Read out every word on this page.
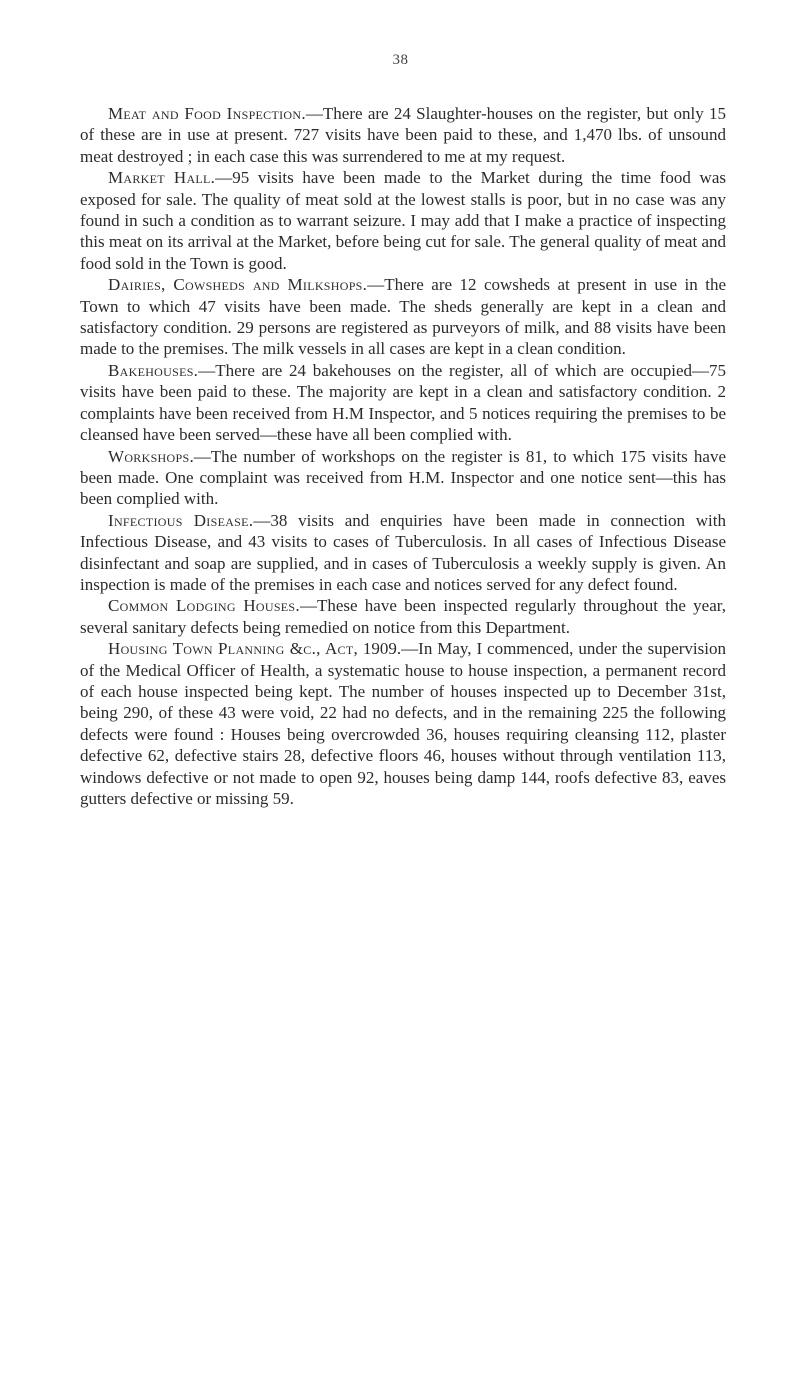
38

Meat and Food Inspection.—There are 24 Slaughter-houses on the register, but only 15 of these are in use at present. 727 visits have been paid to these, and 1,470 lbs. of unsound meat destroyed ; in each case this was surrendered to me at my request.

Market Hall.—95 visits have been made to the Market during the time food was exposed for sale. The quality of meat sold at the lowest stalls is poor, but in no case was any found in such a condition as to warrant seizure. I may add that I make a practice of inspecting this meat on its arrival at the Market, before being cut for sale. The general quality of meat and food sold in the Town is good.

Dairies, Cowsheds and Milkshops.—There are 12 cowsheds at present in use in the Town to which 47 visits have been made. The sheds generally are kept in a clean and satisfactory condition. 29 persons are registered as purveyors of milk, and 88 visits have been made to the premises. The milk vessels in all cases are kept in a clean condition.

Bakehouses.—There are 24 bakehouses on the register, all of which are occupied—75 visits have been paid to these. The majority are kept in a clean and satisfactory condition. 2 complaints have been received from H.M Inspector, and 5 notices requiring the premises to be cleansed have been served—these have all been complied with.

Workshops.—The number of workshops on the register is 81, to which 175 visits have been made. One complaint was received from H.M. Inspector and one notice sent—this has been complied with.

Infectious Disease.—38 visits and enquiries have been made in connection with Infectious Disease, and 43 visits to cases of Tuberculosis. In all cases of Infectious Disease disinfectant and soap are supplied, and in cases of Tuberculosis a weekly supply is given. An inspection is made of the premises in each case and notices served for any defect found.

Common Lodging Houses.—These have been inspected regularly throughout the year, several sanitary defects being remedied on notice from this Department.

Housing Town Planning &c., Act, 1909.—In May, I commenced, under the supervision of the Medical Officer of Health, a systematic house to house inspection, a permanent record of each house inspected being kept. The number of houses inspected up to December 31st, being 290, of these 43 were void, 22 had no defects, and in the remaining 225 the following defects were found : Houses being overcrowded 36, houses requiring cleansing 112, plaster defective 62, defective stairs 28, defective floors 46, houses without through ventilation 113, windows defective or not made to open 92, houses being damp 144, roofs defective 83, eaves gutters defective or missing 59.
